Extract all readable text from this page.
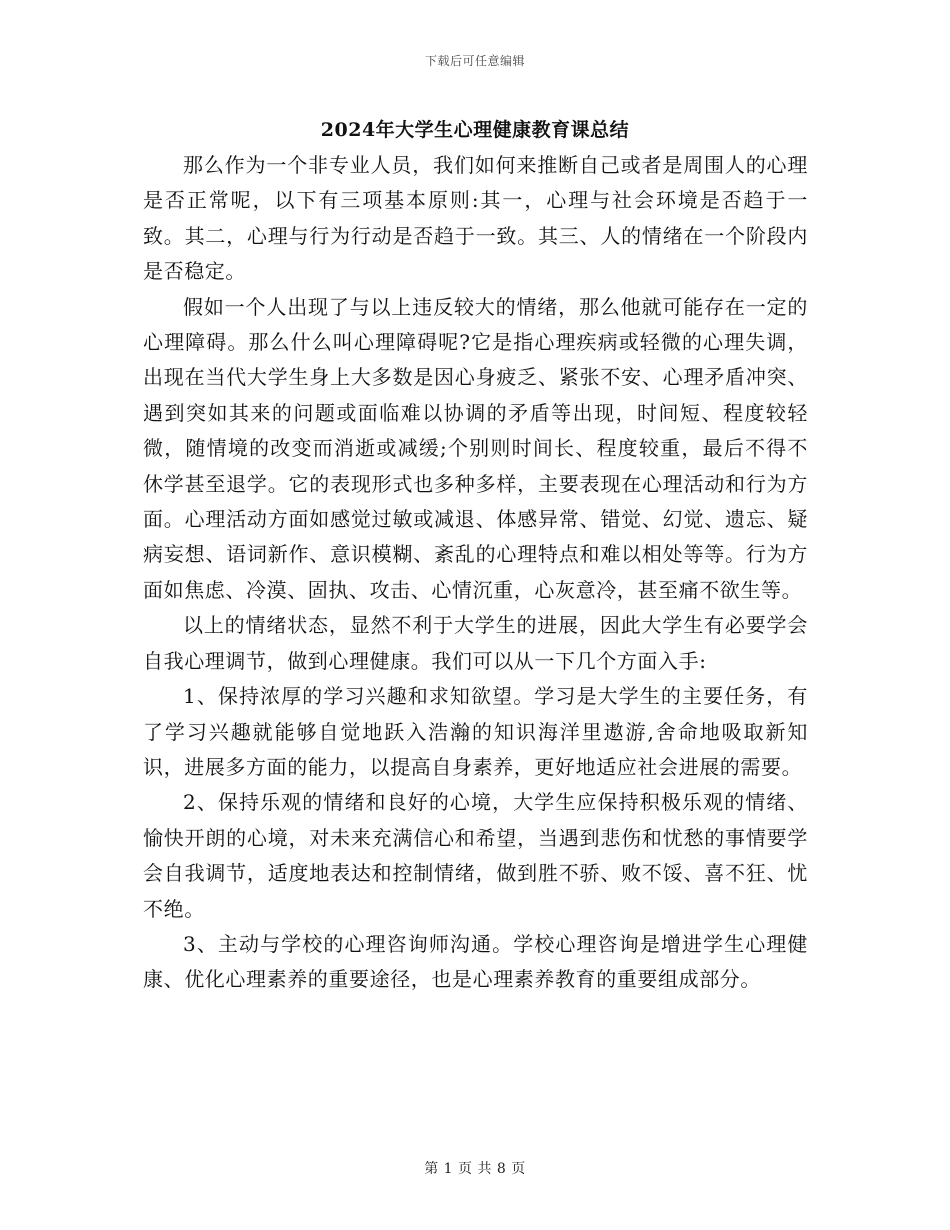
下载后可任意编辑
2024年大学生心理健康教育课总结

那么作为一个非专业人员，我们如何来推断自己或者是周围人的心理是否正常呢，以下有三项基本原则:其一，心理与社会环境是否趋于一致。其二，心理与行为行动是否趋于一致。其三、人的情绪在一个阶段内是否稳定。

假如一个人出现了与以上违反较大的情绪，那么他就可能存在一定的心理障碍。那么什么叫心理障碍呢?它是指心理疾病或轻微的心理失调，出现在当代大学生身上大多数是因心身疲乏、紧张不安、心理矛盾冲突、遇到突如其来的问题或面临难以协调的矛盾等出现，时间短、程度较轻微，随情境的改变而消逝或减缓;个别则时间长、程度较重，最后不得不休学甚至退学。它的表现形式也多种多样，主要表现在心理活动和行为方面。心理活动方面如感觉过敏或减退、体感异常、错觉、幻觉、遗忘、疑病妄想、语词新作、意识模糊、紊乱的心理特点和难以相处等等。行为方面如焦虑、冷漠、固执、攻击、心情沉重，心灰意冷，甚至痛不欲生等。

以上的情绪状态，显然不利于大学生的进展，因此大学生有必要学会自我心理调节，做到心理健康。我们可以从一下几个方面入手:

1、保持浓厚的学习兴趣和求知欲望。学习是大学生的主要任务，有了学习兴趣就能够自觉地跃入浩瀚的知识海洋里遨游,舍命地吸取新知识，进展多方面的能力，以提高自身素养，更好地适应社会进展的需要。

2、保持乐观的情绪和良好的心境，大学生应保持积极乐观的情绪、愉快开朗的心境，对未来充满信心和希望，当遇到悲伤和忧愁的事情要学会自我调节，适度地表达和控制情绪，做到胜不骄、败不馁、喜不狂、忧不绝。

3、主动与学校的心理咨询师沟通。学校心理咨询是增进学生心理健康、优化心理素养的重要途径，也是心理素养教育的重要组成部分。

第 1 页 共 8 页
